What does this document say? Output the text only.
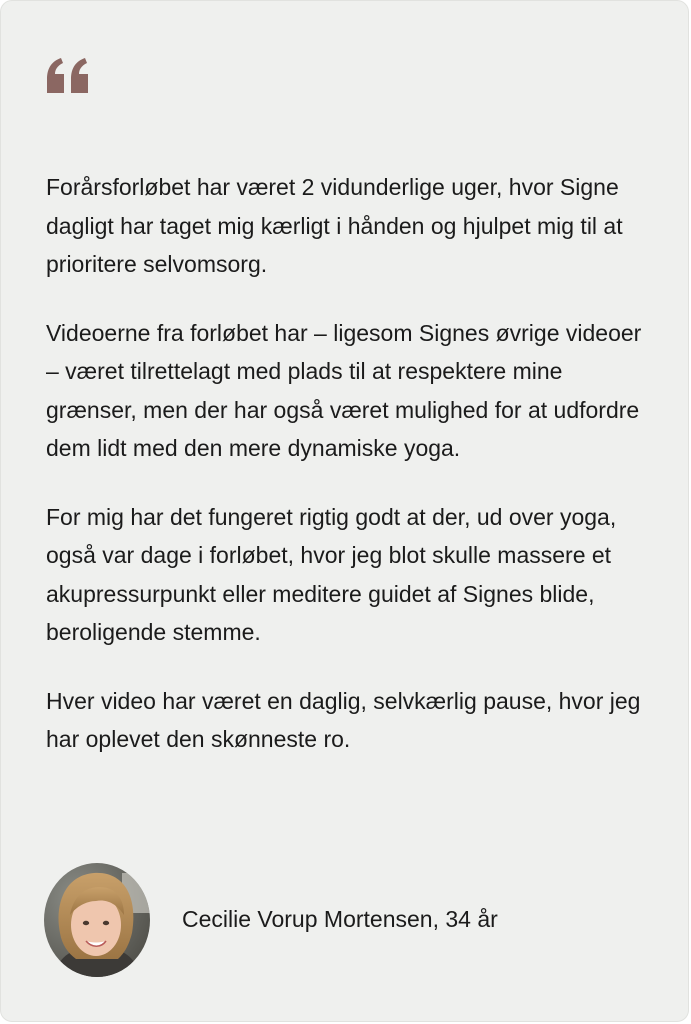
Forårsforløbet har været 2 vidunderlige uger, hvor Signe dagligt har taget mig kærligt i hånden og hjulpet mig til at prioritere selvomsorg.

Videoerne fra forløbet har – ligesom Signes øvrige videoer – været tilrettelagt med plads til at respektere mine grænser, men der har også været mulighed for at udfordre dem lidt med den mere dynamiske yoga.

For mig har det fungeret rigtig godt at der, ud over yoga, også var dage i forløbet, hvor jeg blot skulle massere et akupressurpunkt eller meditere guidet af Signes blide, beroligende stemme.

Hver video har været en daglig, selvkærlig pause, hvor jeg har oplevet den skønneste ro.

Cecilie Vorup Mortensen, 34 år
